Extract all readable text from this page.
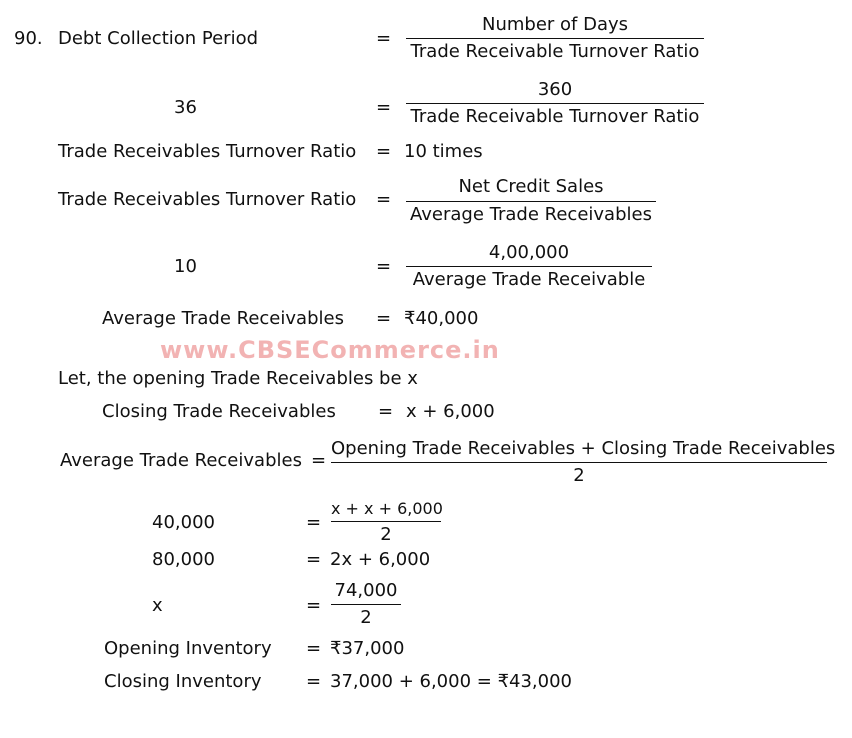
www.CBSECommerce.in
90. Debt Collection Period	=
Number of Days
Trade Receivable Turnover Ratio
36	=
360
Trade Receivable Turnover Ratio
Trade Receivables Turnover Ratio = 10 times
Trade Receivables Turnover Ratio =
Net Credit Sales
Average Trade Receivables
10	=
4,00,000
Average Trade Receivable
Average Trade Receivables = ₹40,000
Let, the opening Trade Receivables be x
Closing Trade Receivables = x + 6,000
Average Trade Receivables =
Opening Trade Receivables + Closing Trade Receivables
2
40,000	=
x + x + 6,000
2
80,000	= 2x + 6,000
x	=
74,000
2
Opening Inventory = ₹37,000
Closing Inventory = 37,000 + 6,000 = ₹43,000
